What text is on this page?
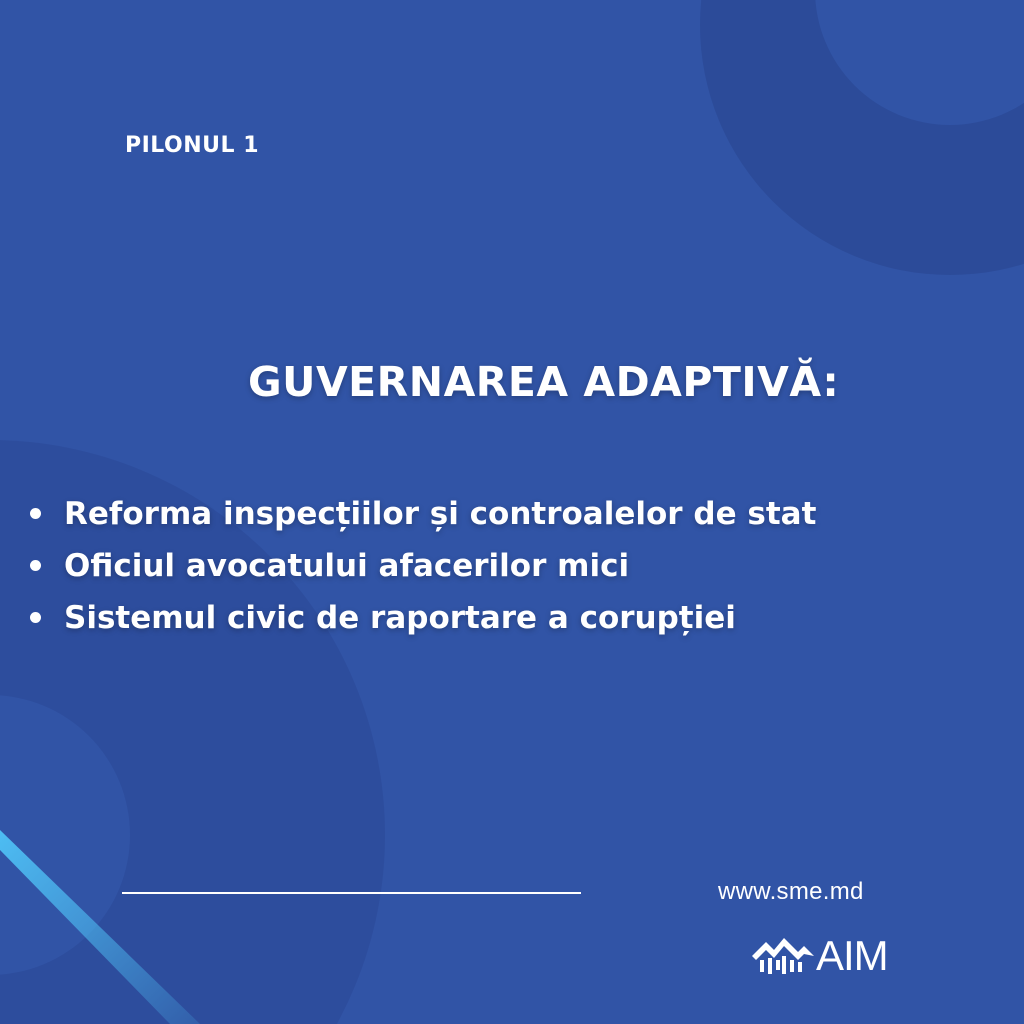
PILONUL 1
GUVERNAREA ADAPTIVĂ:
Reforma inspecțiilor și controalelor de stat
Oficiul avocatului afacerilor mici
Sistemul civic de raportare a corupției
www.sme.md
AIM
